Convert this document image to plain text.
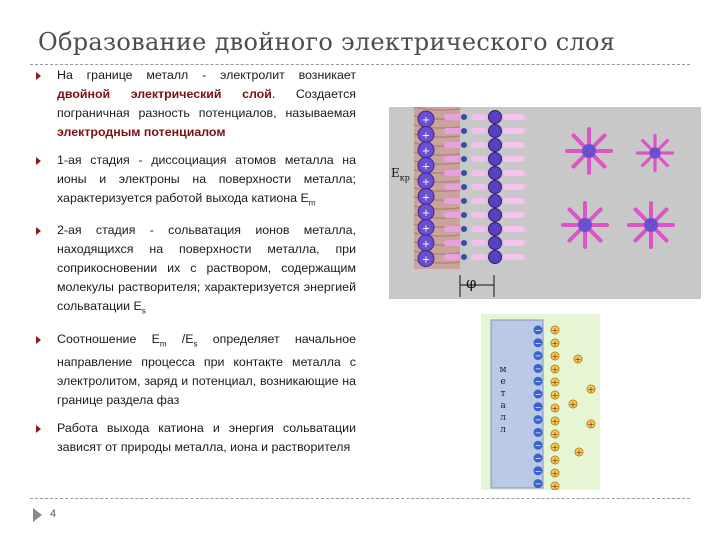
Образование двойного электрического слоя
На границе металл - электролит возникает двойной электрический слой. Создается пограничная разность потенциалов, называемая электродным потенциалом
1-ая стадия - диссоциация атомов металла на ионы и электроны на поверхности металла; характеризуется работой выхода катиона $Е_m$
2-ая стадия - сольватация ионов металла, находящихся на поверхности металла, при соприкосновении их с раствором, содержащим молекулы растворителя; характеризуется энергией сольватации $Е_s$
Соотношение $Е_m$ $/Е_s$ определяет начальное направление процесса при контакте металла с электролитом, заряд и потенциал, возникающие на границе раздела фаз
Работа выхода катиона и энергия сольватации зависят от природы металла, иона и растворителя
+
+
+
+
+
+
+
+
+
+
$E_{кр}$
φ
−
−
−
−
−
−
−
−
−
−
−
−
−
+
+
+
+
+
+
+
+
+
+
+	+
+
+
+
+
+
+
м
е
т
а
л
л
4
